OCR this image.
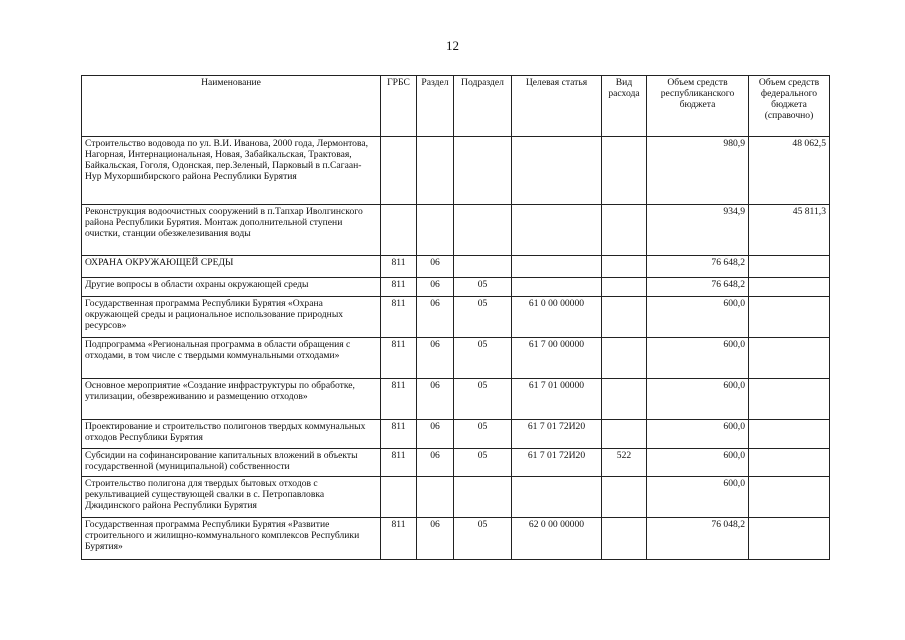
12
Наименование	ГРБС	Раздел	Подраздел	Целевая статья	Вид расхода	Объем средств республиканского бюджета	Объем средств федерального бюджета (справочно)
Строительство водовода по ул. В.И. Иванова, 2000 года, Лермонтова, Нагорная, Интернациональная, Новая, Забайкальская, Трактовая, Байкальская, Гоголя, Одонская, пер.Зеленый, Парковый в п.Сагаан-Нур Мухоршибирского района Республики Бурятия						980,9	48 062,5
Реконструкция водоочистных сооружений в п.Тапхар Иволгинского района Республики Бурятия. Монтаж дополнительной ступени очистки, станции обезжелезивания воды						934,9	45 811,3
ОХРАНА ОКРУЖАЮЩЕЙ СРЕДЫ	811	06				76 648,2	
Другие вопросы в области охраны окружающей среды	811	06	05			76 648,2	
Государственная программа Республики Бурятия «Охрана окружающей среды и рациональное использование природных ресурсов»	811	06	05	61 0 00 00000		600,0	
Подпрограмма «Региональная программа в области обращения с отходами, в том числе с твердыми коммунальными отходами»	811	06	05	61 7 00 00000		600,0	
Основное мероприятие «Создание инфраструктуры по обработке, утилизации, обезвреживанию и размещению отходов»	811	06	05	61 7 01 00000		600,0	
Проектирование и строительство полигонов твердых коммунальных отходов Республики Бурятия	811	06	05	61 7 01 72И20		600,0	
Субсидии на софинансирование капитальных вложений в объекты государственной (муниципальной) собственности	811	06	05	61 7 01 72И20	522	600,0	
Строительство полигона для твердых бытовых отходов с рекультивацией существующей свалки в с. Петропавловка Джидинского района Республики Бурятия						600,0	
Государственная программа Республики Бурятия «Развитие строительного и жилищно-коммунального комплексов Республики Бурятия»	811	06	05	62 0 00 00000		76 048,2	
